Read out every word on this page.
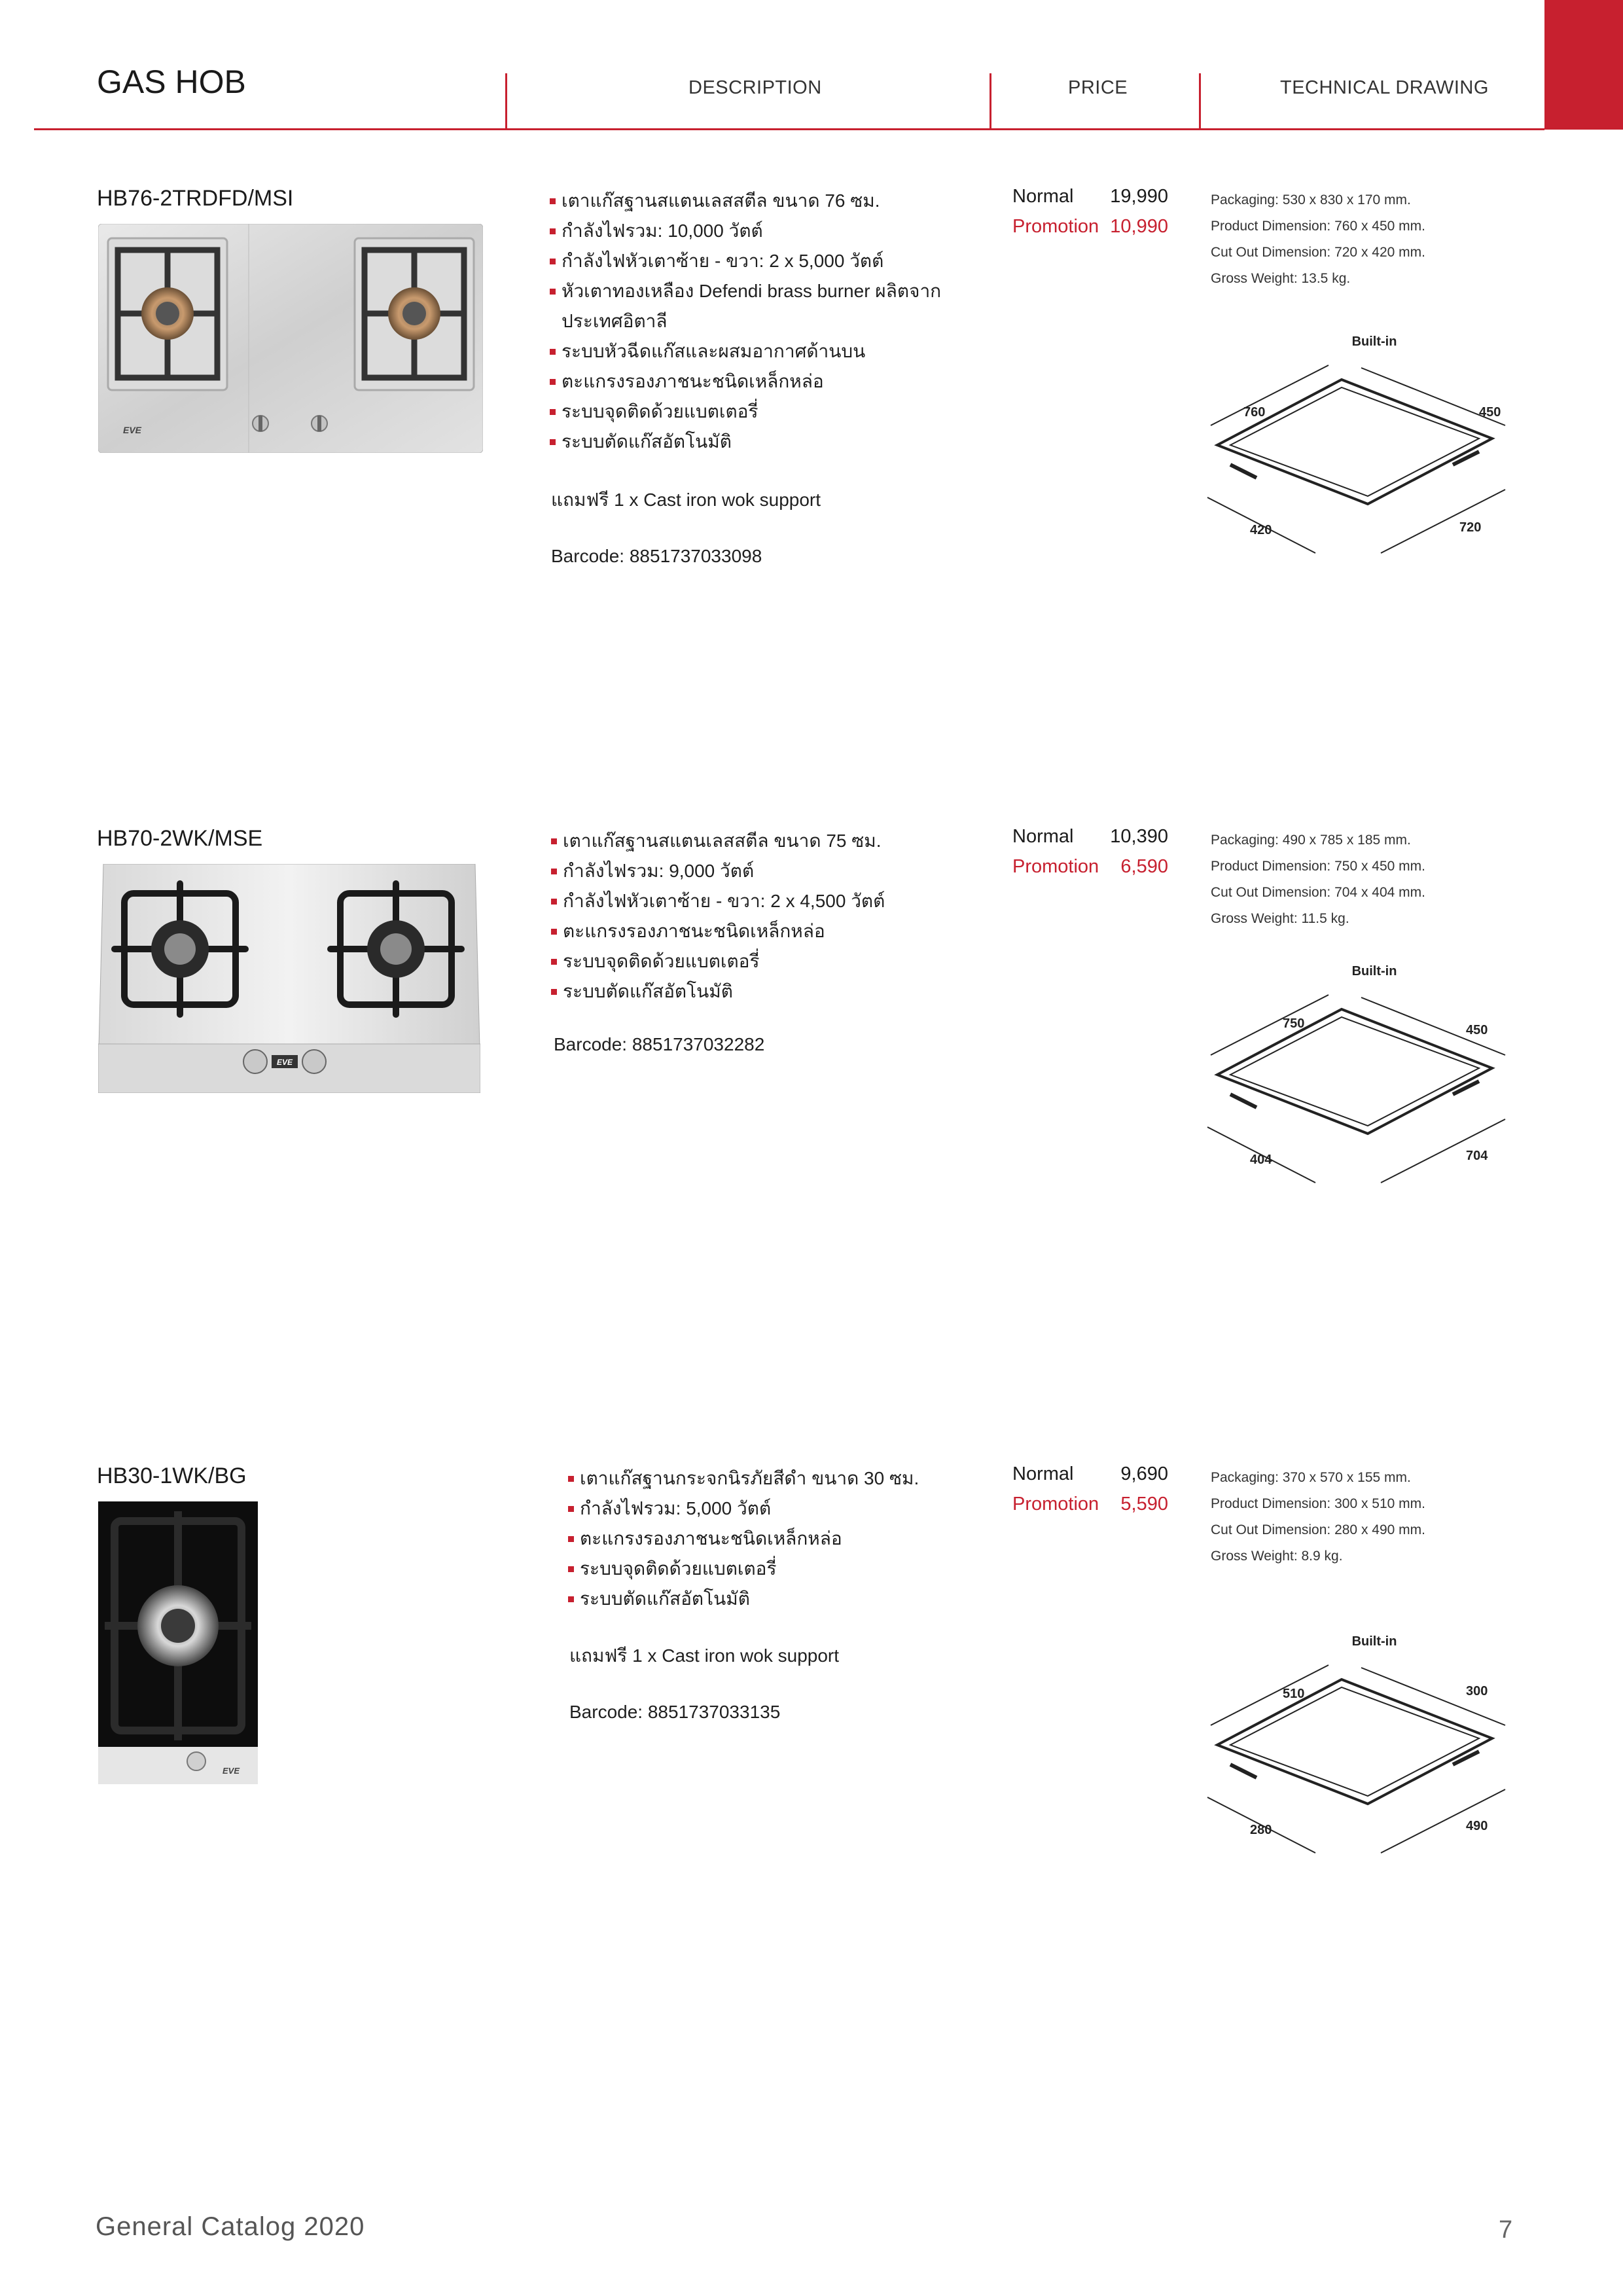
GAS HOB	DESCRIPTION	PRICE	TECHNICAL DRAWING
HB76-2TRDFD/MSI
EVE
เตาแก๊สฐานสแตนเลสสตีล ขนาด 76 ซม.
กำลังไฟรวม: 10,000 วัตต์
กำลังไฟหัวเตาซ้าย - ขวา: 2 x 5,000 วัตต์
หัวเตาทองเหลือง Defendi brass burner ผลิตจากประเทศอิตาลี
ระบบหัวฉีดแก๊สและผสมอากาศด้านบน
ตะแกรงรองภาชนะชนิดเหล็กหล่อ
ระบบจุดติดด้วยแบตเตอรี่
ระบบตัดแก๊สอัตโนมัติ
แถมฟรี 1 x Cast iron wok support
Barcode: 8851737033098
Normal	19,990
Promotion 10,990
Packaging: 530 x 830 x 170 mm.
Product Dimension: 760 x 450 mm.
Cut Out Dimension: 720 x 420 mm.
Gross Weight: 13.5 kg.
Built-in
760	450
420	720
HB70-2WK/MSE
EVE
เตาแก๊สฐานสแตนเลสสตีล ขนาด 75 ซม.
กำลังไฟรวม: 9,000 วัตต์
กำลังไฟหัวเตาซ้าย - ขวา: 2 x 4,500 วัตต์
ตะแกรงรองภาชนะชนิดเหล็กหล่อ
ระบบจุดติดด้วยแบตเตอรี่
ระบบตัดแก๊สอัตโนมัติ
Barcode: 8851737032282
Normal	10,390
Promotion	6,590
Packaging: 490 x 785 x 185 mm.
Product Dimension: 750 x 450 mm.
Cut Out Dimension: 704 x 404 mm.
Gross Weight: 11.5 kg.
Built-in
750	450
404	704
HB30-1WK/BG
EVE
เตาแก๊สฐานกระจกนิรภัยสีดำ ขนาด 30 ซม.
กำลังไฟรวม: 5,000 วัตต์
ตะแกรงรองภาชนะชนิดเหล็กหล่อ
ระบบจุดติดด้วยแบตเตอรี่
ระบบตัดแก๊สอัตโนมัติ
แถมฟรี 1 x Cast iron wok support
Barcode: 8851737033135
Normal	9,690
Promotion	5,590
Packaging: 370 x 570 x 155 mm.
Product Dimension: 300 x 510 mm.
Cut Out Dimension: 280 x 490 mm.
Gross Weight: 8.9 kg.
Built-in
510	300
280	490
General Catalog 2020	7
